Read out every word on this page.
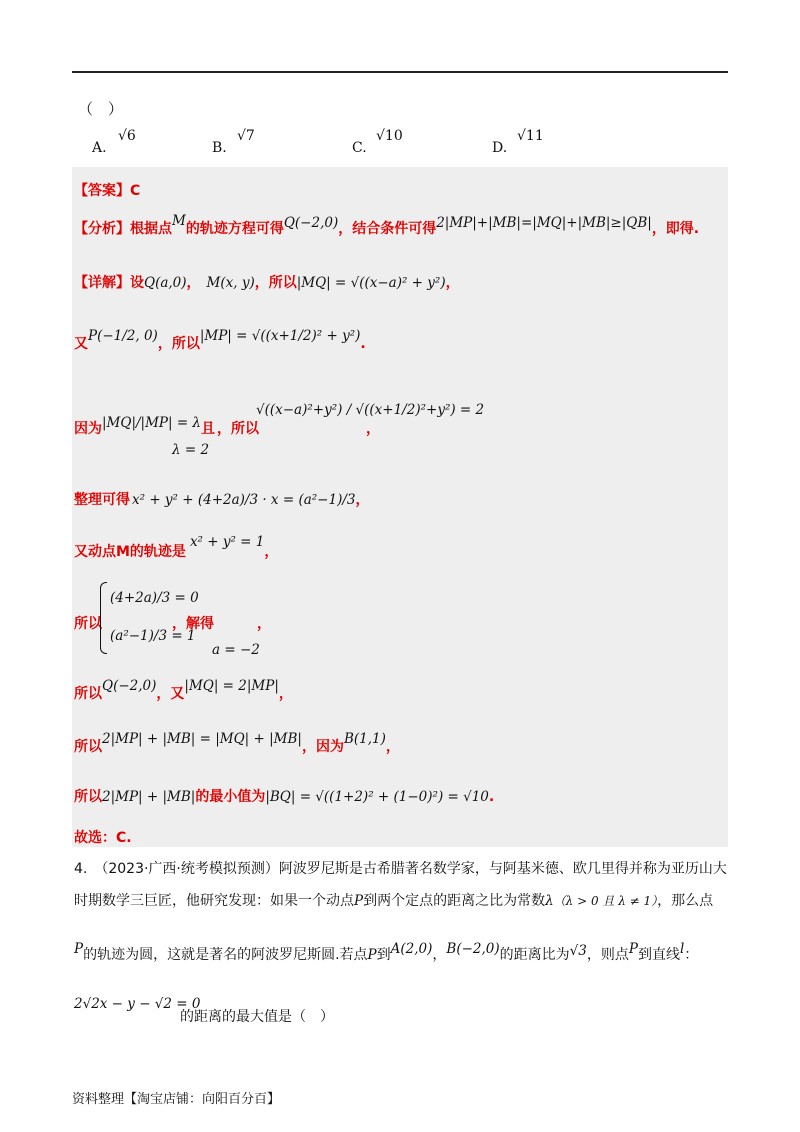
（　）
A.
√6
B.
√7
C.
√10
D.
√11
【答案】C
【分析】根据点$^M$的轨迹方程可得$^{Q(-2,0)}$，结合条件可得$^{2|MP|+|MB|=|MQ|+|MB|\ge|QB|}$，即得.
【详解】设Q(a,0)， M(x, y)，所以|MQ| = √((x−a)² + y²)，
又$^{P(-1/2, 0)}$，所以$^{|MP| = √((x+1/2)^2 + y^2)}$.
因为$^{|MQ|/|MP| = \lambda}$且
λ = 2
，所以
√((x−a)²+y²) / √((x+1/2)²+y²) = 2
，
整理可得 x² + y² + (4+2a)/3 · x = (a²−1)/3，
又动点M的轨迹是$^{x^2 + y^2 = 1}$，
所以
(4+2a)/3 = 0
(a²−1)/3 = 1
，解得
a = −2
，
所以$^{Q(-2,0)}$，又$^{|MQ| = 2|MP|}$，
所以$^{2|MP| + |MB| = |MQ| + |MB|}$，因为$^{B(1,1)}$，
所以2|MP| + |MB|的最小值为|BQ| = √((1+2)² + (1−0)²) = √10.
故选：C.
4.　（2023·广西·统考模拟预测）阿波罗尼斯是古希腊著名数学家，与阿基米德、欧几里得并称为亚历山大
时期数学三巨匠，他研究发现：如果一个动点P到两个定点的距离之比为常数λ（λ > 0 且 λ ≠ 1），那么点
P的轨迹为圆，这就是著名的阿波罗尼斯圆.若点P到A(2,0)，B(−2,0)的距离比为√3，则点P到直线l：
2√2x − y − √2 = 0
的距离的最大值是（　）
资料整理【淘宝店铺：向阳百分百】
